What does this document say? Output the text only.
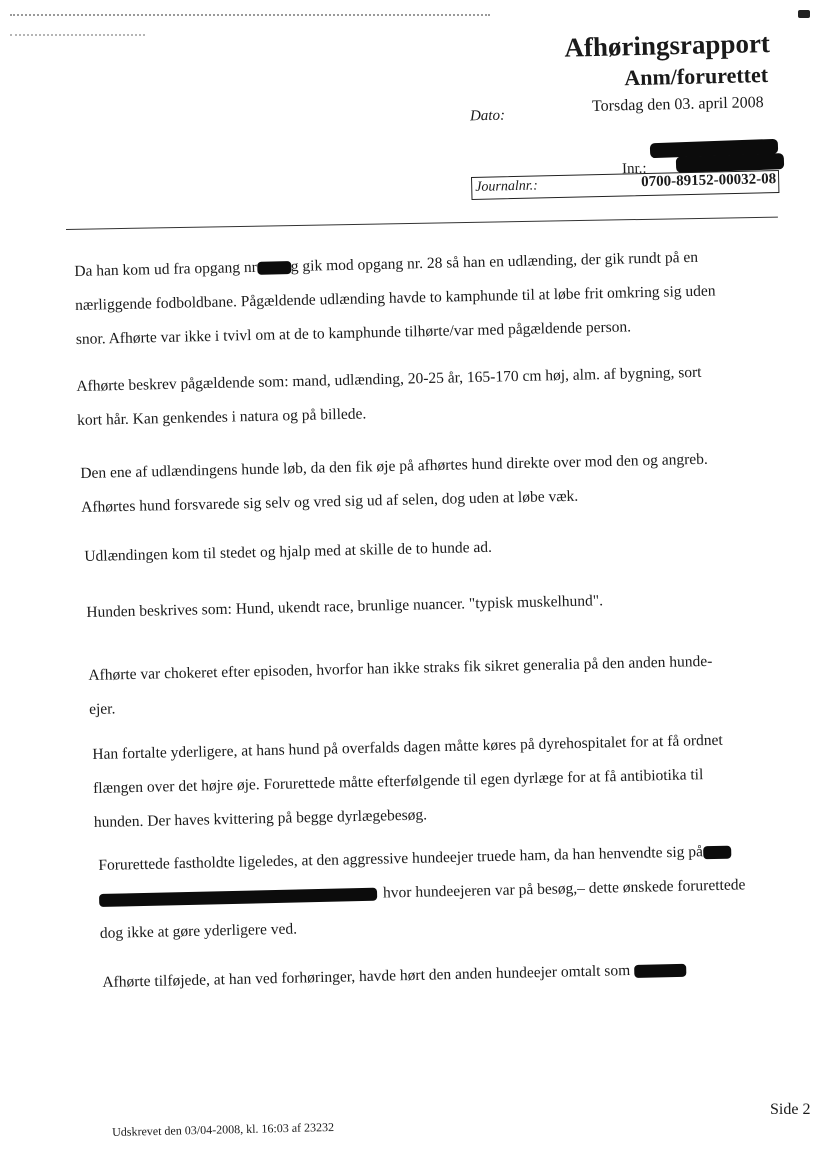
Afhøringsrapport
Anm/forurettet
Dato:
Torsdag den 03. april 2008
Inr.:
Journalnr.:	0700-89152-00032-08
Da han kom ud fra opgang nr g gik mod opgang nr. 28 så han en udlænding, der gik rundt på en
nærliggende fodboldbane. Pågældende udlænding havde to kamphunde til at løbe frit omkring sig uden
snor. Afhørte var ikke i tvivl om at de to kamphunde tilhørte/var med pågældende person.
Afhørte beskrev pågældende som: mand, udlænding, 20-25 år, 165-170 cm høj, alm. af bygning, sort
kort hår. Kan genkendes i natura og på billede.
Den ene af udlændingens hunde løb, da den fik øje på afhørtes hund direkte over mod den og angreb.
Afhørtes hund forsvarede sig selv og vred sig ud af selen, dog uden at løbe væk.
Udlændingen kom til stedet og hjalp med at skille de to hunde ad.
Hunden beskrives som: Hund, ukendt race, brunlige nuancer. "typisk muskelhund".
Afhørte var chokeret efter episoden, hvorfor han ikke straks fik sikret generalia på den anden hunde-
ejer.
Han fortalte yderligere, at hans hund på overfalds dagen måtte køres på dyrehospitalet for at få ordnet
flængen over det højre øje. Forurettede måtte efterfølgende til egen dyrlæge for at få antibiotika til
hunden. Der haves kvittering på begge dyrlægebesøg.
Forurettede fastholdte ligeledes, at den aggressive hundeejer truede ham, da han henvendte sig på
hvor hundeejeren var på besøg,– dette ønskede forurettede
dog ikke at gøre yderligere ved.
Afhørte tilføjede, at han ved forhøringer, havde hørt den anden hundeejer omtalt som
Side 2
Udskrevet den 03/04-2008, kl. 16:03 af 23232
